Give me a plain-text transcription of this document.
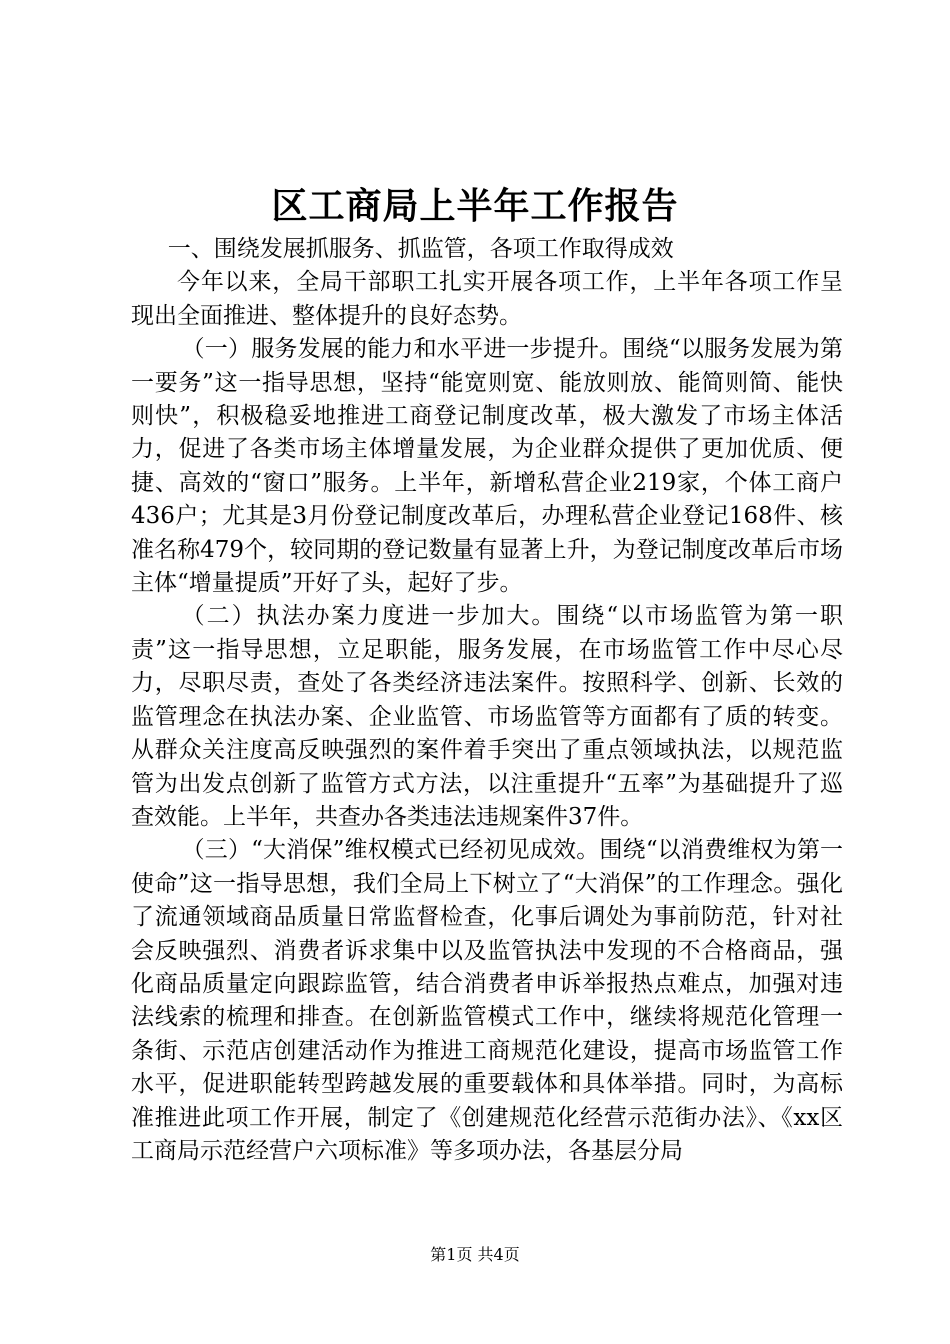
区工商局上半年工作报告

一、围绕发展抓服务、抓监管，各项工作取得成效

今年以来，全局干部职工扎实开展各项工作，上半年各项工作呈现出全面推进、整体提升的良好态势。

（一）服务发展的能力和水平进一步提升。围绕“以服务发展为第一要务”这一指导思想，坚持“能宽则宽、能放则放、能简则简、能快则快”，积极稳妥地推进工商登记制度改革，极大激发了市场主体活力，促进了各类市场主体增量发展，为企业群众提供了更加优质、便捷、高效的“窗口”服务。上半年，新增私营企业219家，个体工商户436户；尤其是3月份登记制度改革后，办理私营企业登记168件、核准名称479个，较同期的登记数量有显著上升，为登记制度改革后市场主体“增量提质”开好了头，起好了步。

（二）执法办案力度进一步加大。围绕“以市场监管为第一职责”这一指导思想，立足职能，服务发展，在市场监管工作中尽心尽力，尽职尽责，查处了各类经济违法案件。按照科学、创新、长效的监管理念在执法办案、企业监管、市场监管等方面都有了质的转变。从群众关注度高反映强烈的案件着手突出了重点领域执法，以规范监管为出发点创新了监管方式方法，以注重提升“五率”为基础提升了巡查效能。上半年，共查办各类违法违规案件37件。

（三）“大消保”维权模式已经初见成效。围绕“以消费维权为第一使命”这一指导思想，我们全局上下树立了“大消保”的工作理念。强化了流通领域商品质量日常监督检查，化事后调处为事前防范，针对社会反映强烈、消费者诉求集中以及监管执法中发现的不合格商品，强化商品质量定向跟踪监管，结合消费者申诉举报热点难点，加强对违法线索的梳理和排查。在创新监管模式工作中，继续将规范化管理一条街、示范店创建活动作为推进工商规范化建设，提高市场监管工作水平，促进职能转型跨越发展的重要载体和具体举措。同时，为高标准推进此项工作开展，制定了《创建规范化经营示范街办法》、《xx区工商局示范经营户六项标准》等多项办法，各基层分局

第1页 共4页
